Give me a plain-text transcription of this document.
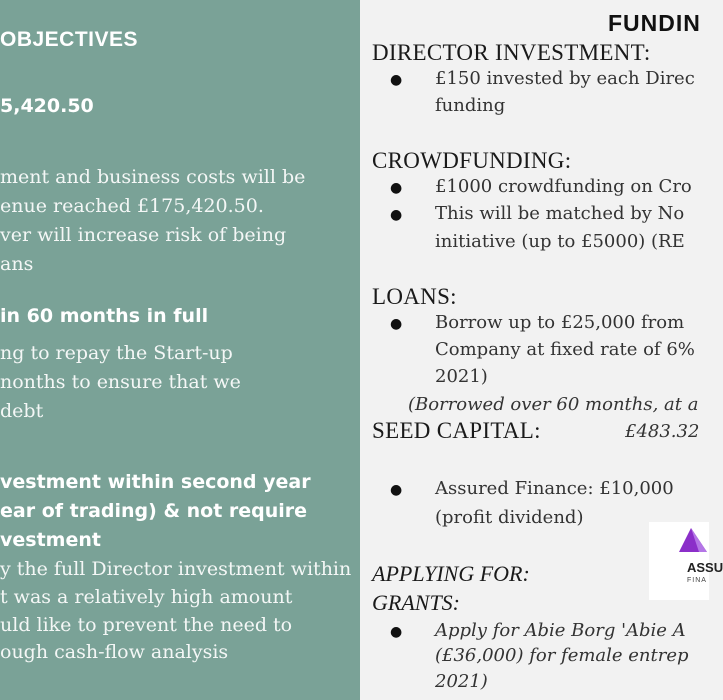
OBJECTIVES
5,420.50
ment and business costs will be
enue reached £175,420.50.
ver will increase risk of being
ans
in 60 months in full
ng to repay the Start-up
nonths to ensure that we
debt
vestment within second year
ear of trading) & not require
vestment
y the full Director investment within
t was a relatively high amount
uld like to prevent the need to
ough cash-flow analysis
FUNDIN
DIRECTOR INVESTMENT:
● £150 invested by each Direc
funding
CROWDFUNDING:
● £1000 crowdfunding on Cro
● This will be matched by No
initiative (up to £5000) (RE
LOANS:
● Borrow up to £25,000 from
Company at fixed rate of 6%
2021)
(Borrowed over 60 months, at a
£483.32
SEED CAPITAL:
● Assured Finance: £10,000
(profit dividend)
APPLYING FOR:
GRANTS:
● Apply for Abie Borg 'Abie A
(£36,000) for female entrep
2021)
ASSU
FINA
